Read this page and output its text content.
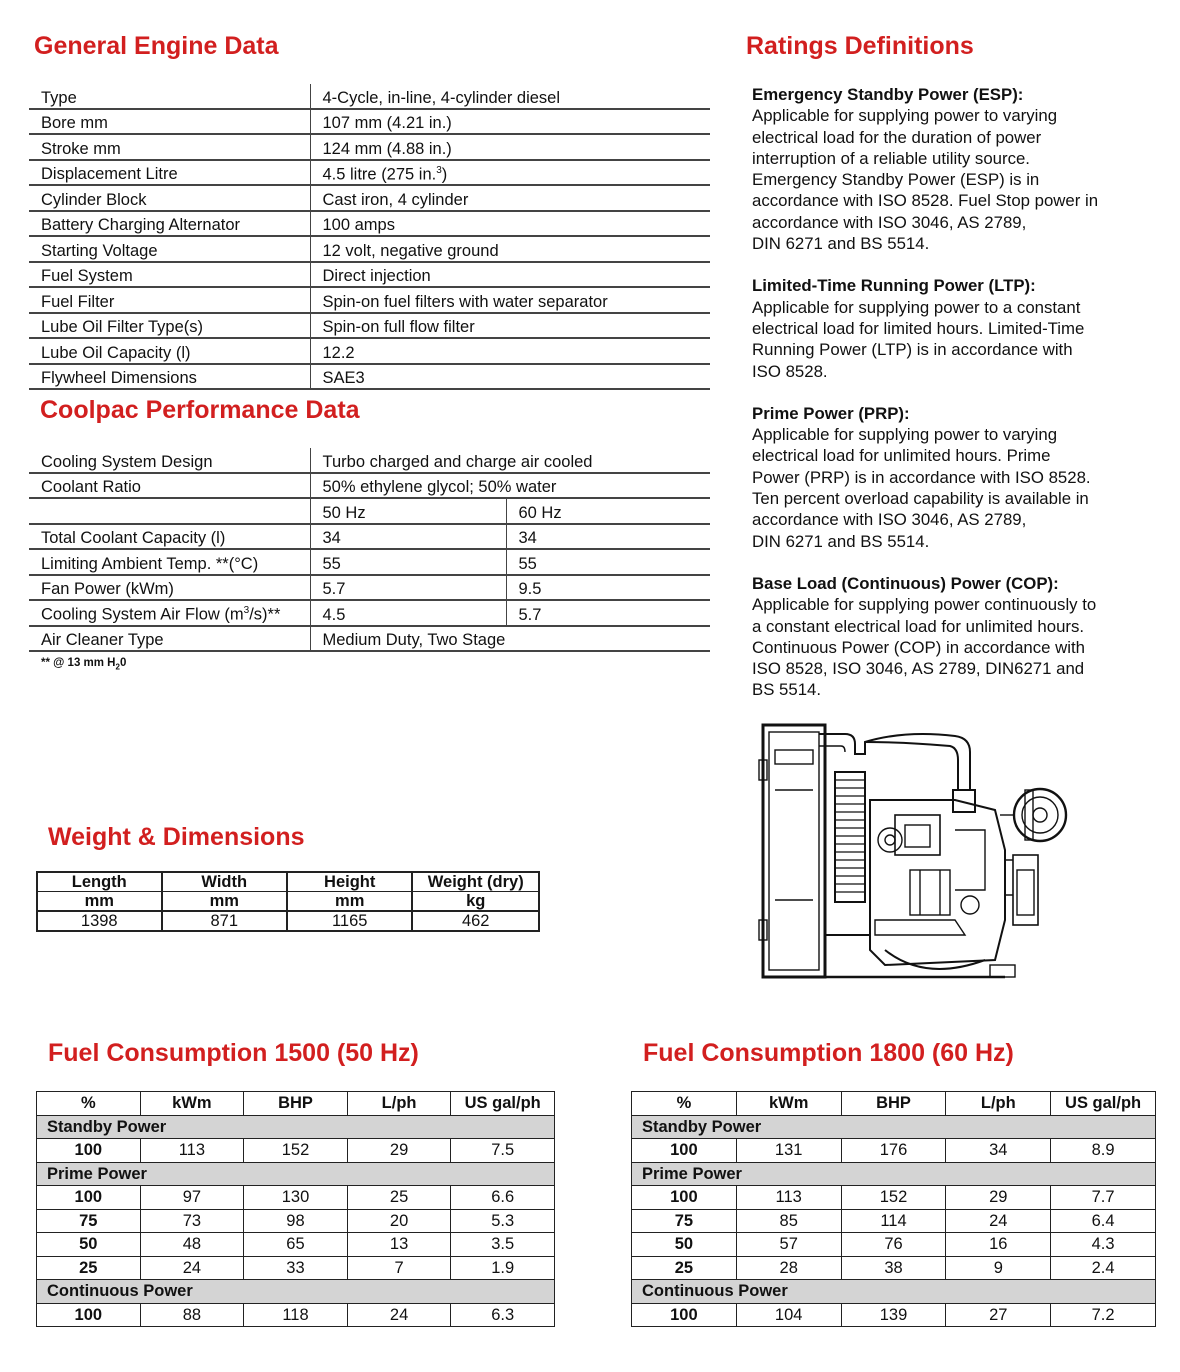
General Engine Data
Type	4-Cycle, in-line, 4-cylinder diesel
Bore mm	107 mm (4.21 in.)
Stroke mm	124 mm (4.88 in.)
Displacement Litre	4.5 litre (275 in.$^3$)
Cylinder Block	Cast iron, 4 cylinder
Battery Charging Alternator	100 amps
Starting Voltage	12 volt, negative ground
Fuel System	Direct injection
Fuel Filter	Spin-on fuel filters with water separator
Lube Oil Filter Type(s)	Spin-on full flow filter
Lube Oil Capacity (l)	12.2
Flywheel Dimensions	SAE3
Coolpac Performance Data
Cooling System Design	Turbo charged and charge air cooled	
Coolant Ratio	50% ethylene glycol; 50% water	
	50 Hz	60 Hz
Total Coolant Capacity (l)	34	34
Limiting Ambient Temp. **(°C)	55	55
Fan Power (kWm)	5.7	9.5
Cooling System Air Flow $(m^3/s)**$	4.5	5.7
Air Cleaner Type	Medium Duty, Two Stage	
** @ 13 mm $H_20$
Ratings Definitions
Emergency Standby Power (ESP):
Applicable for supplying power to varying
electrical load for the duration of power
interruption of a reliable utility source.
Emergency Standby Power (ESP) is in
accordance with ISO 8528. Fuel Stop power in
accordance with ISO 3046, AS 2789,
DIN 6271 and BS 5514.
Limited-Time Running Power (LTP):
Applicable for supplying power to a constant
electrical load for limited hours. Limited-Time
Running Power (LTP) is in accordance with
ISO 8528.
Prime Power (PRP):
Applicable for supplying power to varying
electrical load for unlimited hours. Prime
Power (PRP) is in accordance with ISO 8528.
Ten percent overload capability is available in
accordance with ISO 3046, AS 2789,
DIN 6271 and BS 5514.
Base Load (Continuous) Power (COP):
Applicable for supplying power continuously to
a constant electrical load for unlimited hours.
Continuous Power (COP) in accordance with
ISO 8528, ISO 3046, AS 2789, DIN6271 and
BS 5514.
Weight & Dimensions
Length	Width	Height	Weight (dry)
mm	mm	mm	kg
1398	871	1165	462
Fuel Consumption 1500 (50 Hz)
%	kWm	BHP	L/ph	US gal/ph
Standby Power				
100	113	152	29	7.5
Prime Power				
100	97	130	25	6.6
75	73	98	20	5.3
50	48	65	13	3.5
25	24	33	7	1.9
Continuous Power				
100	88	118	24	6.3
Fuel Consumption 1800 (60 Hz)
%	kWm	BHP	L/ph	US gal/ph
Standby Power				
100	131	176	34	8.9
Prime Power				
100	113	152	29	7.7
75	85	114	24	6.4
50	57	76	16	4.3
25	28	38	9	2.4
Continuous Power				
100	104	139	27	7.2
